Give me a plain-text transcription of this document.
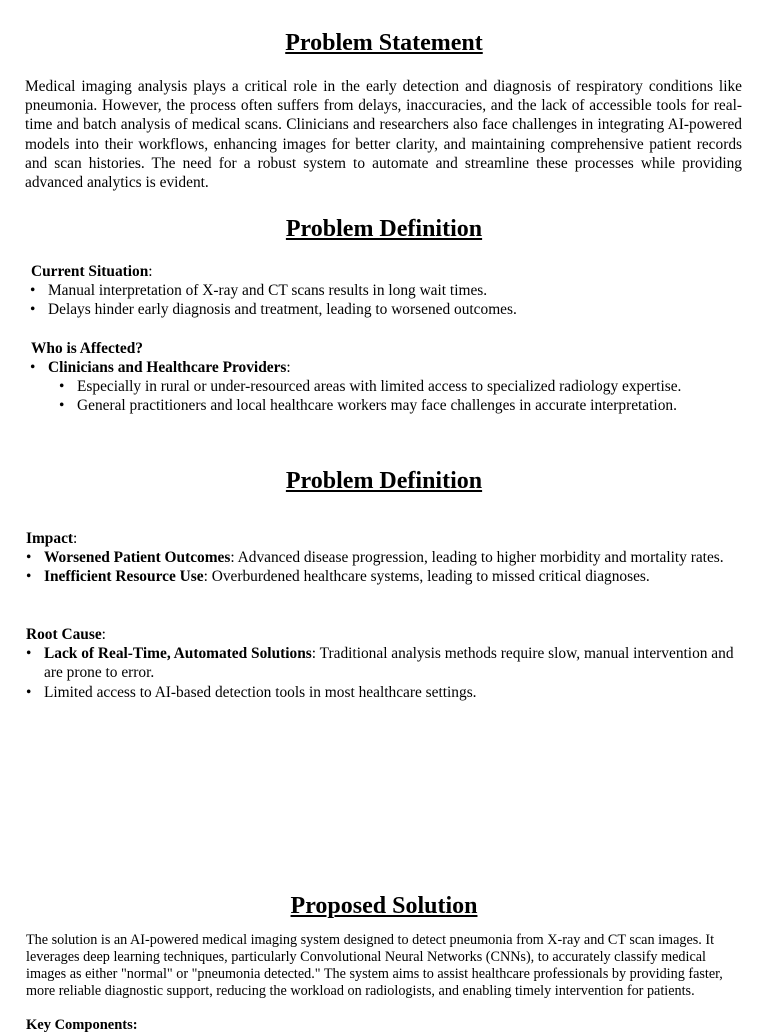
Problem Statement

Medical imaging analysis plays a critical role in the early detection and diagnosis of respiratory conditions like pneumonia. However, the process often suffers from delays, inaccuracies, and the lack of accessible tools for real-time and batch analysis of medical scans. Clinicians and researchers also face challenges in integrating AI-powered models into their workflows, enhancing images for better clarity, and maintaining comprehensive patient records and scan histories. The need for a robust system to automate and streamline these processes while providing advanced analytics is evident.

Problem Definition

Current Situation:

• Manual interpretation of X-ray and CT scans results in long wait times.
• Delays hinder early diagnosis and treatment, leading to worsened outcomes.

Who is Affected?

• Clinicians and Healthcare Providers:
• Especially in rural or under-resourced areas with limited access to specialized radiology expertise.
• General practitioners and local healthcare workers may face challenges in accurate interpretation.
Problem Definition

Impact:

• Worsened Patient Outcomes: Advanced disease progression, leading to higher morbidity and mortality rates.
• Inefficient Resource Use: Overburdened healthcare systems, leading to missed critical diagnoses.

Root Cause:

• Lack of Real-Time, Automated Solutions: Traditional analysis methods require slow, manual intervention and are prone to error.
• Limited access to AI-based detection tools in most healthcare settings.
Proposed Solution

The solution is an AI-powered medical imaging system designed to detect pneumonia from X-ray and CT scan images. It leverages deep learning techniques, particularly Convolutional Neural Networks (CNNs), to accurately classify medical images as either "normal" or "pneumonia detected." The system aims to assist healthcare professionals by providing faster, more reliable diagnostic support, reducing the workload on radiologists, and enabling timely intervention for patients.

Key Components:
